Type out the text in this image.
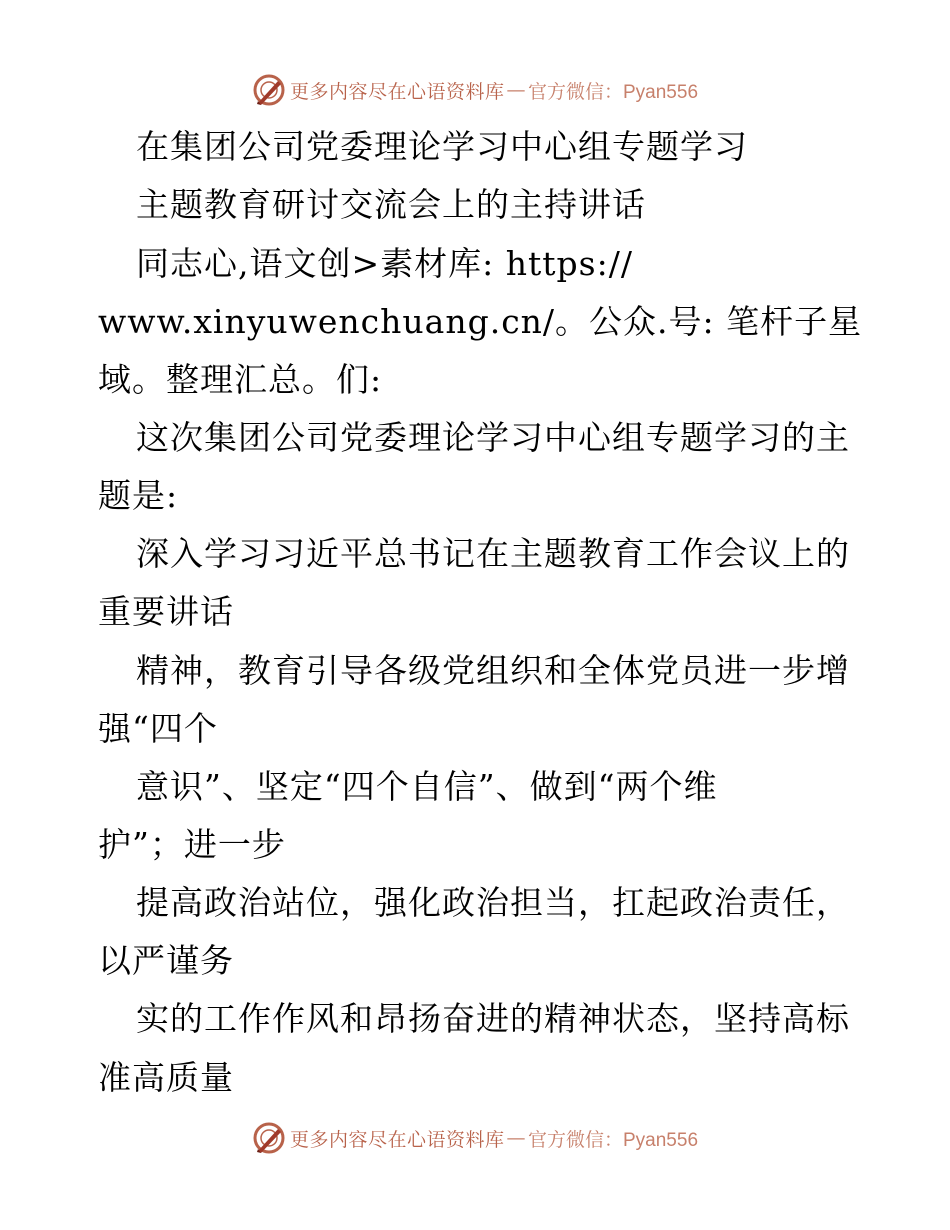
更多内容尽在心语资料库 — 官方微信：Pyan556
在集团公司党委理论学习中心组专题学习
主题教育研讨交流会上的主持讲话
同志心,语文创>素材库: https://
www.xinyuwenchuang.cn/。公众.号: 笔杆子星
域。整理汇总。们:
这次集团公司党委理论学习中心组专题学习的主
题是:
深入学习习近平总书记在主题教育工作会议上的
重要讲话
精神，教育引导各级党组织和全体党员进一步增
强“四个
意识”、坚定“四个自信”、做到“两个维
护”；进一步
提高政治站位，强化政治担当，扛起政治责任，
以严谨务
实的工作作风和昂扬奋进的精神状态，坚持高标
准高质量
更多内容尽在心语资料库 — 官方微信：Pyan556
